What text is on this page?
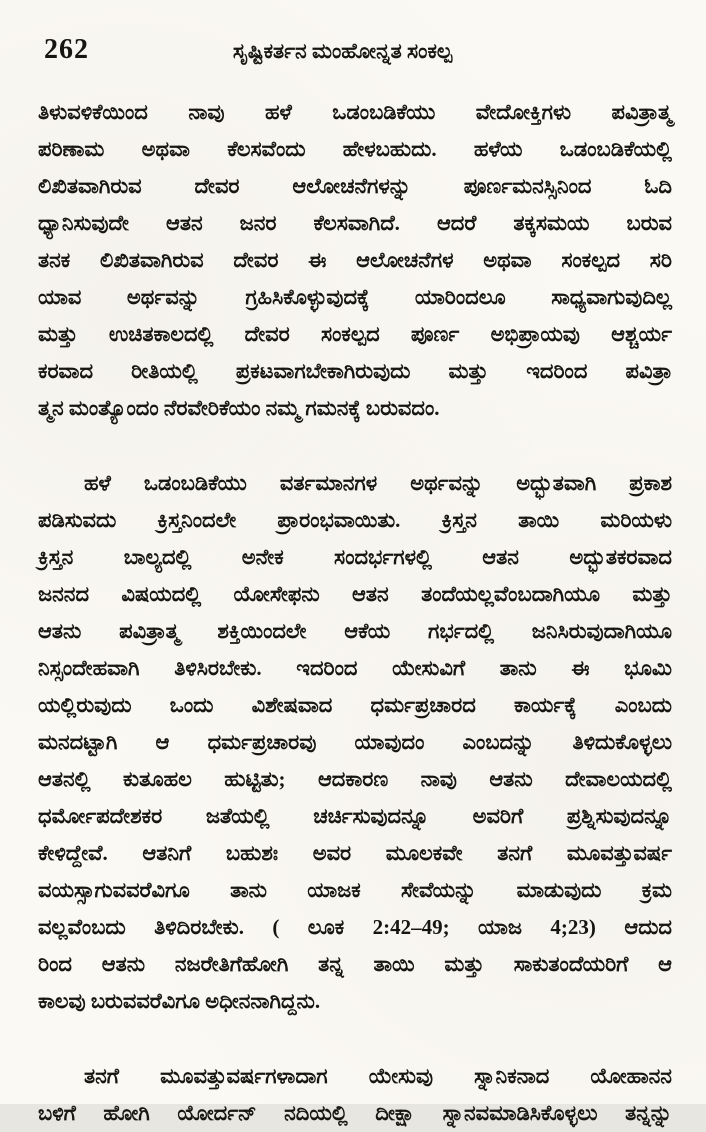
262	ಸೃಷ್ಟಿಕರ್ತನ ಮಂಹೋನ್ನತ ಸಂಕಲ್ಪ
ತಿಳುವಳಿಕೆಯಿಂದ ನಾವು ಹಳೆ ಒಡಂಬಡಿಕೆಯು ವೇದೋಕ್ತಿಗಳು ಪವಿತ್ರಾತ್ಮ
ಪರಿಣಾಮ ಅಥವಾ ಕೆಲಸವೆಂದು ಹೇಳಬಹುದು. ಹಳೆಯ ಒಡಂಬಡಿಕೆಯಲ್ಲಿ
ಲಿಖಿತವಾಗಿರುವ ದೇವರ ಆಲೋಚನೆಗಳನ್ನು ಪೂರ್ಣಮನಸ್ಸಿನಿಂದ ಓದಿ
ಧ್ಯಾನಿಸುವುದೇ ಆತನ ಜನರ ಕೆಲಸವಾಗಿದೆ. ಆದರೆ ತಕ್ಕಸಮಯ ಬರುವ
ತನಕ ಲಿಖಿತವಾಗಿರುವ ದೇವರ ಈ ಆಲೋಚನೆಗಳ ಅಥವಾ ಸಂಕಲ್ಪದ ಸರಿ
ಯಾವ ಅರ್ಥವನ್ನು ಗ್ರಹಿಸಿಕೊಳ್ಳುವುದಕ್ಕೆ ಯಾರಿಂದಲೂ ಸಾಧ್ಯವಾಗುವುದಿಲ್ಲ
ಮತ್ತು ಉಚಿತಕಾಲದಲ್ಲಿ ದೇವರ ಸಂಕಲ್ಪದ ಪೂರ್ಣ ಅಭಿಪ್ರಾಯವು ಆಶ್ಚರ್ಯ
ಕರವಾದ ರೀತಿಯಲ್ಲಿ ಪ್ರಕಟವಾಗಬೇಕಾಗಿರುವುದು ಮತ್ತು ಇದರಿಂದ ಪವಿತ್ರಾ
ತ್ಮನ ಮಂತ್ಯೊಂದಂ ನೆರವೇರಿಕೆಯಂ ನಮ್ಮ ಗಮನಕ್ಕೆ ಬರುವದಂ.
ಹಳೆ ಒಡಂಬಡಿಕೆಯು ವರ್ತಮಾನಗಳ ಅರ್ಥವನ್ನು ಅದ್ಭುತವಾಗಿ ಪ್ರಕಾಶ
ಪಡಿಸುವದು ಕ್ರಿಸ್ತನಿಂದಲೇ ಪ್ರಾರಂಭವಾಯಿತು. ಕ್ರಿಸ್ತನ ತಾಯಿ ಮರಿಯಳು
ಕ್ರಿಸ್ತನ ಬಾಲ್ಯದಲ್ಲಿ ಅನೇಕ ಸಂದರ್ಭಗಳಲ್ಲಿ ಆತನ ಅದ್ಭುತಕರವಾದ
ಜನನದ ವಿಷಯದಲ್ಲಿ ಯೋಸೇಫನು ಆತನ ತಂದೆಯಲ್ಲವೆಂಬದಾಗಿಯೂ ಮತ್ತು
ಆತನು ಪವಿತ್ರಾತ್ಮ ಶಕ್ತಿಯಿಂದಲೇ ಆಕೆಯ ಗರ್ಭದಲ್ಲಿ ಜನಿಸಿರುವುದಾಗಿಯೂ
ನಿಸ್ಸಂದೇಹವಾಗಿ ತಿಳಿಸಿರಬೇಕು. ಇದರಿಂದ ಯೇಸುವಿಗೆ ತಾನು ಈ ಭೂಮಿ
ಯಲ್ಲಿರುವುದು ಒಂದು ವಿಶೇಷವಾದ ಧರ್ಮಪ್ರಚಾರದ ಕಾರ್ಯಕ್ಕೆ ಎಂಬದು
ಮನದಟ್ಟಾಗಿ ಆ ಧರ್ಮಪ್ರಚಾರವು ಯಾವುದಂ ಎಂಬದನ್ನು ತಿಳಿದುಕೊಳ್ಳಲು
ಆತನಲ್ಲಿ ಕುತೂಹಲ ಹುಟ್ಟಿತು; ಆದಕಾರಣ ನಾವು ಆತನು ದೇವಾಲಯದಲ್ಲಿ
ಧರ್ಮೋಪದೇಶಕರ ಜತೆಯಲ್ಲಿ ಚರ್ಚಿಸುವುದನ್ನೂ ಅವರಿಗೆ ಪ್ರಶ್ನಿಸುವುದನ್ನೂ
ಕೇಳಿದ್ದೇವೆ. ಆತನಿಗೆ ಬಹುಶಃ ಅವರ ಮೂಲಕವೇ ತನಗೆ ಮೂವತ್ತುವರ್ಷ
ವಯಸ್ಸಾಗುವವರೆವಿಗೂ ತಾನು ಯಾಜಕ ಸೇವೆಯನ್ನು ಮಾಡುವುದು ಕ್ರಮ
ವಲ್ಲವೆಂಬದು ತಿಳಿದಿರಬೇಕು. ( ಲೂಕ 2:42–49; ಯಾಜ 4;23) ಆದುದ
ರಿಂದ ಆತನು ನಜರೇತಿಗೆಹೋಗಿ ತನ್ನ ತಾಯಿ ಮತ್ತು ಸಾಕುತಂದೆಯರಿಗೆ ಆ
ಕಾಲವು ಬರುವವರೆವಿಗೂ ಅಧೀನನಾಗಿದ್ದನು.
ತನಗೆ ಮೂವತ್ತುವರ್ಷಗಳಾದಾಗ ಯೇಸುವು ಸ್ನಾನಿಕನಾದ ಯೋಹಾನನ
ಬಳಿಗೆ ಹೋಗಿ ಯೋರ್ದನ್ ನದಿಯಲ್ಲಿ ದೀಕ್ಷಾ ಸ್ನಾನವಮಾಡಿಸಿಕೊಳ್ಳಲು ತನ್ನನ್ನು
